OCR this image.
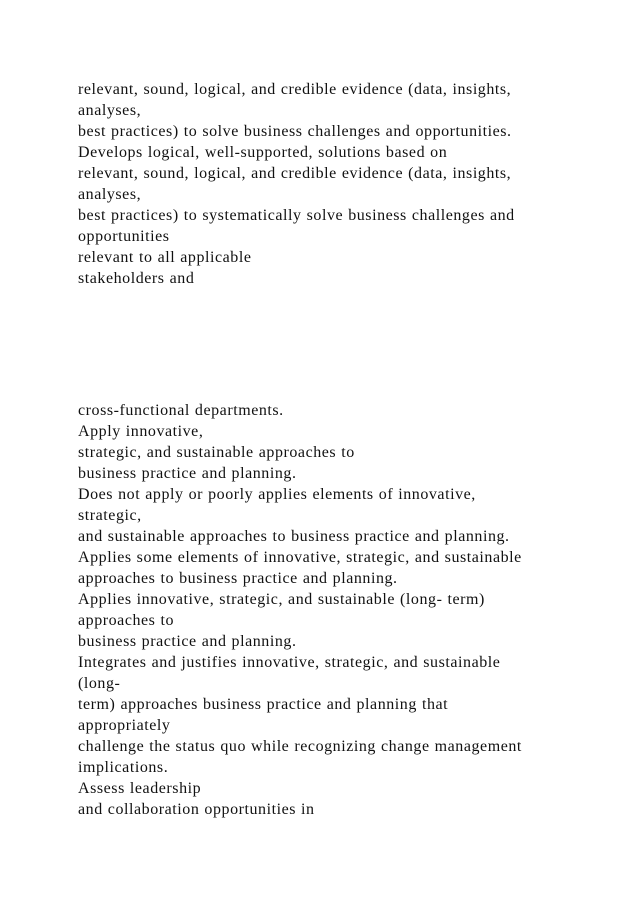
relevant, sound, logical, and credible evidence (data, insights,
analyses,
best practices) to solve business challenges and opportunities.
Develops logical, well-supported, solutions based on
relevant, sound, logical, and credible evidence (data, insights,
analyses,
best practices) to systematically solve business challenges and
opportunities
relevant to all applicable
stakeholders and
cross-functional departments.
Apply innovative,
strategic, and sustainable approaches to
business practice and planning.
Does not apply or poorly applies elements of innovative,
strategic,
and sustainable approaches to business practice and planning.
Applies some elements of innovative, strategic, and sustainable
approaches to business practice and planning.
Applies innovative, strategic, and sustainable (long- term)
approaches to
business practice and planning.
Integrates and justifies innovative, strategic, and sustainable
(long-
term) approaches business practice and planning that
appropriately
challenge the status quo while recognizing change management
implications.
Assess leadership
and collaboration opportunities in
